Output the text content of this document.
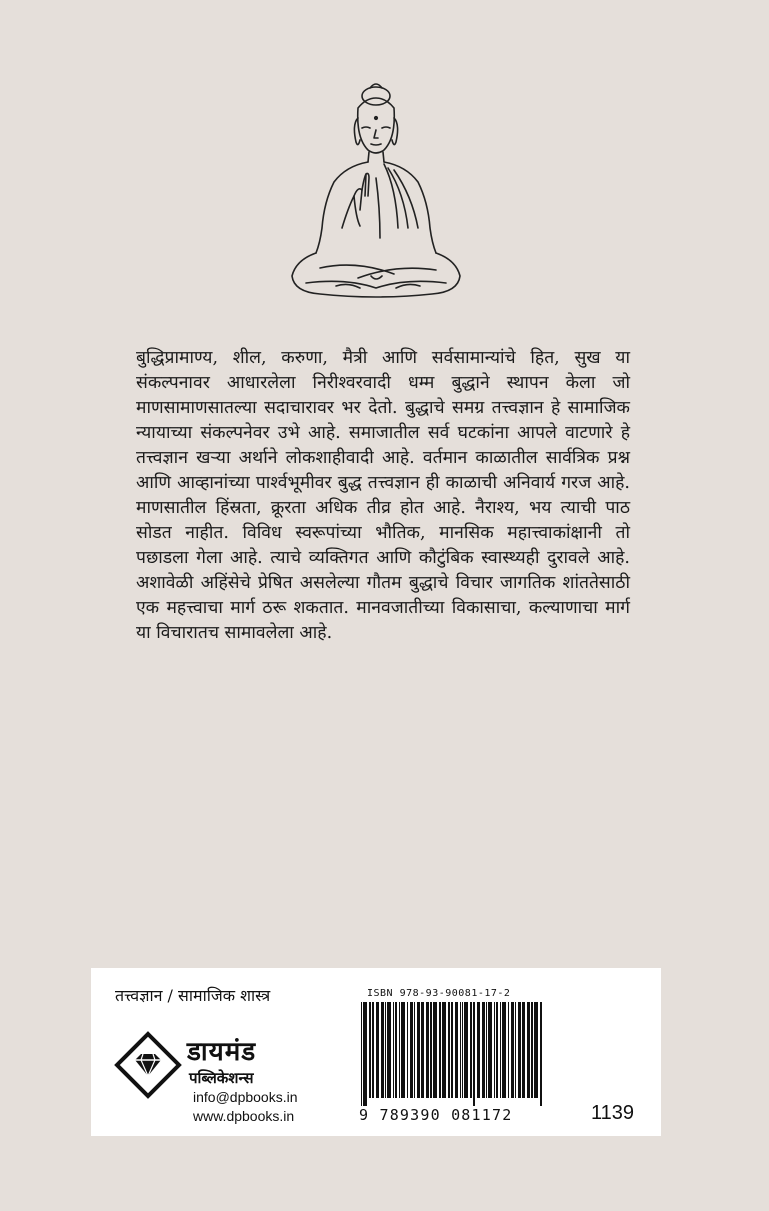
बुद्धिप्रामाण्य, शील, करुणा, मैत्री आणि सर्वसामान्यांचे हित, सुख या संकल्पनावर आधारलेला निरीश्वरवादी धम्म बुद्धाने स्थापन केला जो माणसामाणसातल्या सदाचारावर भर देतो. बुद्धाचे समग्र तत्त्वज्ञान हे सामाजिक न्यायाच्या संकल्पनेवर उभे आहे. समाजातील सर्व घटकांना आपले वाटणारे हे तत्त्वज्ञान खऱ्या अर्थाने लोकशाहीवादी आहे. वर्तमान काळातील सार्वत्रिक प्रश्न आणि आव्हानांच्या पार्श्वभूमीवर बुद्ध तत्त्वज्ञान ही काळाची अनिवार्य गरज आहे. माणसातील हिंस्रता, क्रूरता अधिक तीव्र होत आहे. नैराश्य, भय त्याची पाठ सोडत नाहीत. विविध स्वरूपांच्या भौतिक, मानसिक महात्त्वाकांक्षानी तो पछाडला गेला आहे. त्याचे व्यक्तिगत आणि कौटुंबिक स्वास्थ्यही दुरावले आहे. अशावेळी अहिंसेचे प्रेषित असलेल्या गौतम बुद्धाचे विचार जागतिक शांततेसाठी एक महत्त्वाचा मार्ग ठरू शकतात. मानवजातीच्या विकासाचा, कल्याणाचा मार्ग या विचारातच सामावलेला आहे.

तत्त्वज्ञान / सामाजिक शास्त्र
डायमंड
पब्लिकेशन्स
info@dpbooks.in
www.dpbooks.in
ISBN 978-93-90081-17-2
9 789390 081172	1139
